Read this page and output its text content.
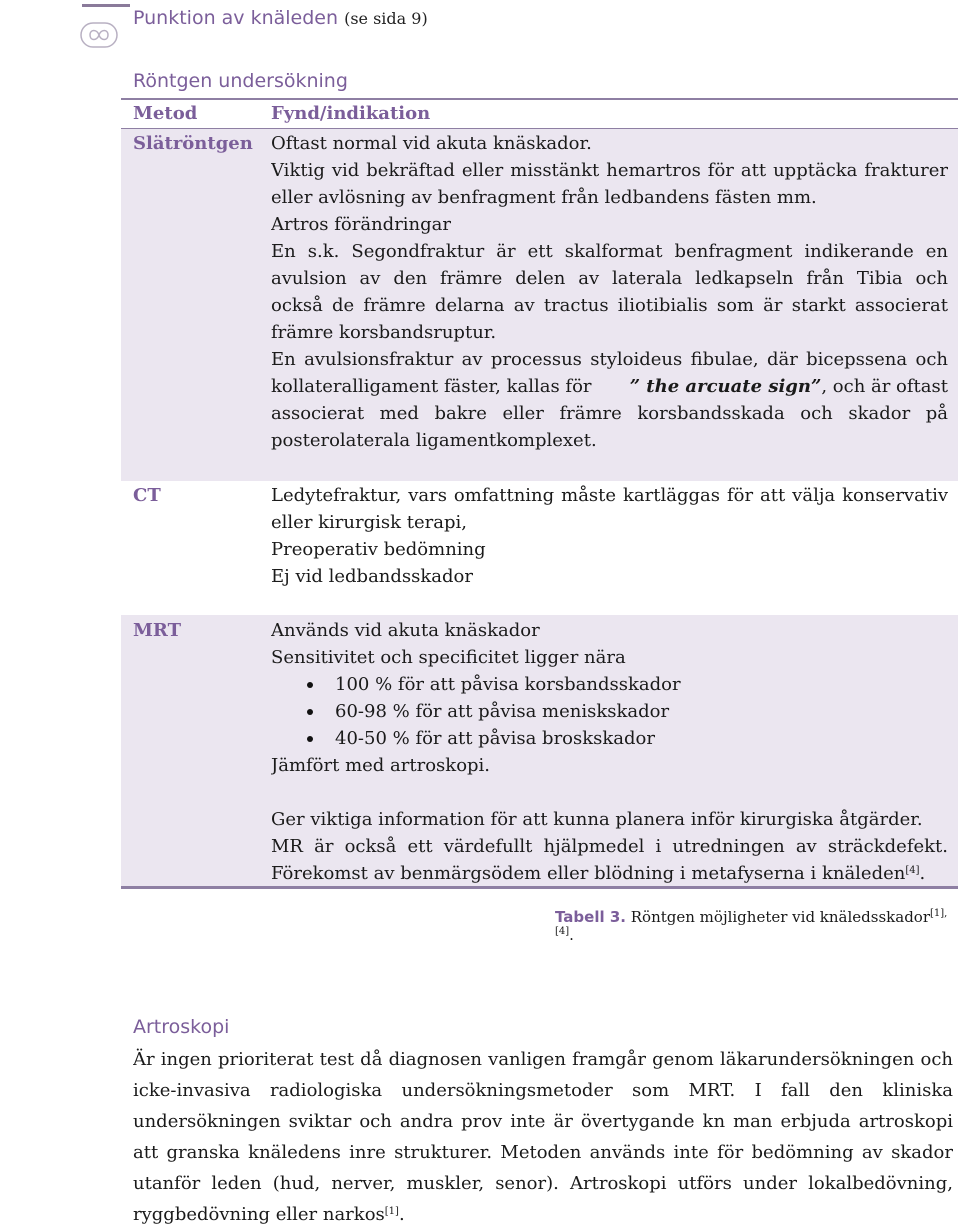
Punktion av knäleden (se sida 9)
Röntgen undersökning
Metod	Fynd/indikation
Slätröntgen Oftast normal vid akuta knäskador.
Viktig vid bekräftad eller misstänkt hemartros för att upptäcka frakturer
eller avlösning av benfragment från ledbandens fästen mm.
Artros förändringar
En s.k. Segondfraktur är ett skalformat benfragment indikerande en
avulsion av den främre delen av laterala ledkapseln från Tibia och
också de främre delarna av tractus iliotibialis som är starkt associerat
främre korsbandsruptur.
En avulsionsfraktur av processus styloideus fibulae, där bicepssena och
kollateralligament fäster, kallas för ” the arcuate sign”, och är oftast
associerat med bakre eller främre korsbandsskada och skador på
posterolaterala ligamentkomplexet.
CT	Ledytefraktur, vars omfattning måste kartläggas för att välja konservativ
eller kirurgisk terapi,
Preoperativ bedömning
Ej vid ledbandsskador
MRT	Används vid akuta knäskador
Sensitivitet och specificitet ligger nära
100 % för att påvisa korsbandsskador
60-98 % för att påvisa meniskskador
40-50 % för att påvisa broskskador
Jämfört med artroskopi.
Ger viktiga information för att kunna planera inför kirurgiska åtgärder.
MR är också ett värdefullt hjälpmedel i utredningen av sträckdefekt.
Förekomst av benmärgsödem eller blödning i metafyserna i knäleden[4].
Tabell 3. Röntgen möjligheter vid knäledsskador[1],[4].
Artroskopi
Är ingen prioriterat test då diagnosen vanligen framgår genom läkarundersökningen och
icke-invasiva radiologiska undersökningsmetoder som MRT. I fall den kliniska
undersökningen sviktar och andra prov inte är övertygande kn man erbjuda artroskopi
att granska knäledens inre strukturer. Metoden används inte för bedömning av skador
utanför leden (hud, nerver, muskler, senor). Artroskopi utförs under lokalbedövning,
ryggbedövning eller narkos[1].
